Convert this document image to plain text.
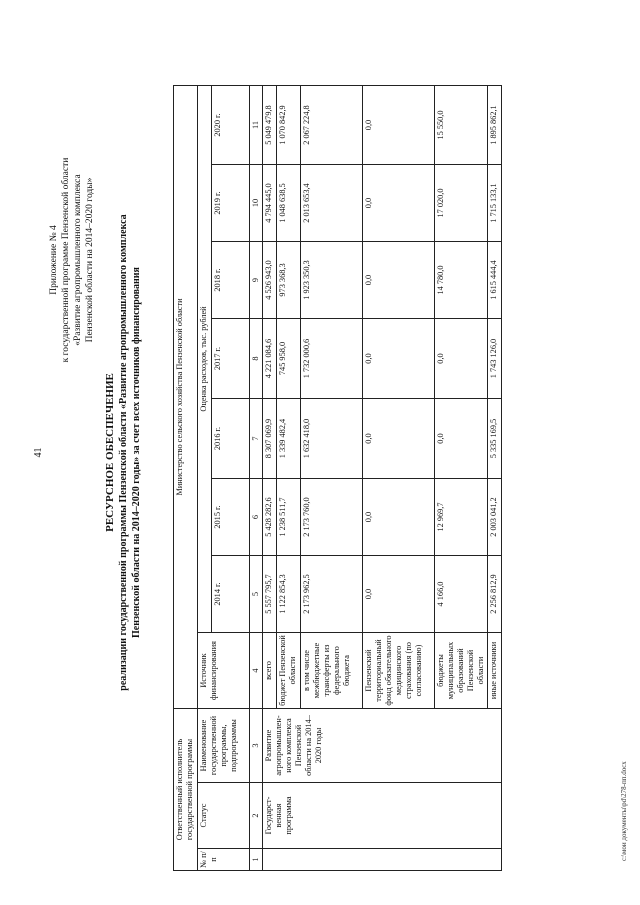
41
Приложение № 4 к государственной программе Пензенской области «Развитие агропромышленного комплекса Пензенской области на 2014–2020 годы»
РЕСУРСНОЕ ОБЕСПЕЧЕНИЕ реализации государственной программы Пензенской области «Развитие агропромышленного комплекса Пензенской области на 2014–2020 годы» за счет всех источников финансирования
Ответственный исполнитель государственной программы			Министерство сельского хозяйства Пензенской области							
№ п/п	Статус	Наименование государственной программы, подпрограммы	Источник финансирования	Оценка расходов, тыс. рублей						
				2014 г.	2015 г.	2016 г.	2017 г.	2018 г.	2019 г.	2020 г.
1	2	3	4	5	6	7	8	9	10	11
	Государст-венная программа	Развитие агропромышлен-ного комплекса Пензенской области на 2014–2020 годы	всего	5 557 795,7	5 428 282,6	8 307 069,9	4 221 084,6	4 526 943,0	4 794 445,0	5 049 479,8
			бюджет Пензенской области	1 122 854,3	1 238 511,7	1 339 482,4	745 958,0	973 368,3	1 048 638,5	1 070 842,9
			в том числе межбюджетные трансферты из федерального бюджета	2 173 962,5	2 173 760,0	1 632 418,0	1 732 000,6	1 923 350,3	2 013 653,4	2 067 224,8
			Пензенский территориальный фонд обязательного медицинского страхования (по согласованию)	0,0	0,0	0,0	0,0	0,0	0,0	0,0
			бюджеты муниципальных образований Пензенской области	4 166,0	12 969,7	0,0	0,0	14 780,0	17 020,0	15 550,0
			иные источники	2 256 812,9	2 003 041,2	5 335 169,5	1 743 126,0	1 615 444,4	1 715 133,1	1 895 862,1
c:\мои документы\pd\278-пп.docx
